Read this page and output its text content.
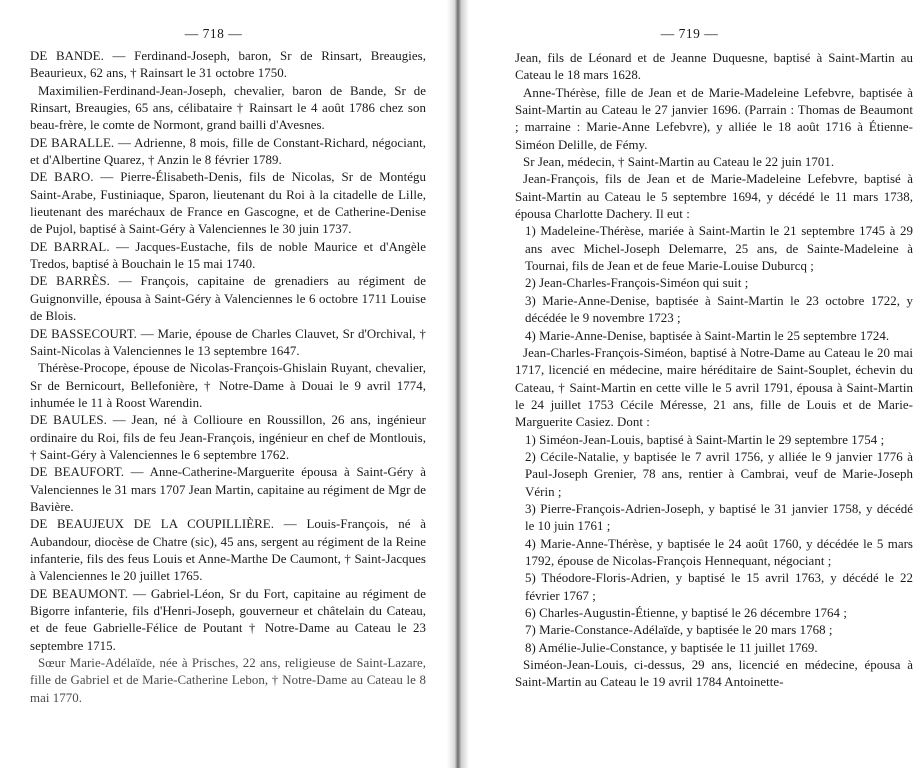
— 718 —

DE BANDE. — Ferdinand-Joseph, baron, Sr de Rinsart, Breaugies, Beaurieux, 62 ans, † Rainsart le 31 octobre 1750.

Maximilien-Ferdinand-Jean-Joseph, chevalier, baron de Bande, Sr de Rinsart, Breaugies, 65 ans, célibataire † Rainsart le 4 août 1786 chez son beau-frère, le comte de Normont, grand bailli d'Avesnes.

DE BARALLE. — Adrienne, 8 mois, fille de Constant-Richard, négociant, et d'Albertine Quarez, † Anzin le 8 février 1789.

DE BARO. — Pierre-Élisabeth-Denis, fils de Nicolas, Sr de Montégu Saint-Arabe, Fustiniaque, Sparon, lieutenant du Roi à la citadelle de Lille, lieutenant des maréchaux de France en Gascogne, et de Catherine-Denise de Pujol, baptisé à Saint-Géry à Valenciennes le 30 juin 1737.

DE BARRAL. — Jacques-Eustache, fils de noble Maurice et d'Angèle Tredos, baptisé à Bouchain le 15 mai 1740.

DE BARRÈS. — François, capitaine de grenadiers au régiment de Guignonville, épousa à Saint-Géry à Valenciennes le 6 octobre 1711 Louise de Blois.

DE BASSECOURT. — Marie, épouse de Charles Clauvet, Sr d'Orchival, † Saint-Nicolas à Valenciennes le 13 septembre 1647.

Thérèse-Procope, épouse de Nicolas-François-Ghislain Ruyant, chevalier, Sr de Bernicourt, Bellefonière, † Notre-Dame à Douai le 9 avril 1774, inhumée le 11 à Roost Warendin.

DE BAULES. — Jean, né à Collioure en Roussillon, 26 ans, ingénieur ordinaire du Roi, fils de feu Jean-François, ingénieur en chef de Montlouis, † Saint-Géry à Valenciennes le 6 septembre 1762.

DE BEAUFORT. — Anne-Catherine-Marguerite épousa à Saint-Géry à Valenciennes le 31 mars 1707 Jean Martin, capitaine au régiment de Mgr de Bavière.

DE BEAUJEUX DE LA COUPILLIÈRE. — Louis-François, né à Aubandour, diocèse de Chatre (sic), 45 ans, sergent au régiment de la Reine infanterie, fils des feus Louis et Anne-Marthe De Caumont, † Saint-Jacques à Valenciennes le 20 juillet 1765.

DE BEAUMONT. — Gabriel-Léon, Sr du Fort, capitaine au régiment de Bigorre infanterie, fils d'Henri-Joseph, gouverneur et châtelain du Cateau, et de feue Gabrielle-Félice de Poutant † Notre-Dame au Cateau le 23 septembre 1715.

Sœur Marie-Adélaïde, née à Prisches, 22 ans, religieuse de Saint-Lazare, fille de Gabriel et de Marie-Catherine Lebon, † Notre-Dame au Cateau le 8 mai 1770.

— 719 —

Jean, fils de Léonard et de Jeanne Duquesne, baptisé à Saint-Martin au Cateau le 18 mars 1628.

Anne-Thérèse, fille de Jean et de Marie-Madeleine Lefebvre, baptisée à Saint-Martin au Cateau le 27 janvier 1696. (Parrain : Thomas de Beaumont ; marraine : Marie-Anne Lefebvre), y alliée le 18 août 1716 à Étienne-Siméon Delille, de Fémy.

Sr Jean, médecin, † Saint-Martin au Cateau le 22 juin 1701.

Jean-François, fils de Jean et de Marie-Madeleine Lefebvre, baptisé à Saint-Martin au Cateau le 5 septembre 1694, y décédé le 11 mars 1738, épousa Charlotte Dachery. Il eut :

1) Madeleine-Thérèse, mariée à Saint-Martin le 21 septembre 1745 à 29 ans avec Michel-Joseph Delemarre, 25 ans, de Sainte-Madeleine à Tournai, fils de Jean et de feue Marie-Louise Duburcq ;

2) Jean-Charles-François-Siméon qui suit ;

3) Marie-Anne-Denise, baptisée à Saint-Martin le 23 octobre 1722, y décédée le 9 novembre 1723 ;

4) Marie-Anne-Denise, baptisée à Saint-Martin le 25 septembre 1724.

Jean-Charles-François-Siméon, baptisé à Notre-Dame au Cateau le 20 mai 1717, licencié en médecine, maire héréditaire de Saint-Souplet, échevin du Cateau, † Saint-Martin en cette ville le 5 avril 1791, épousa à Saint-Martin le 24 juillet 1753 Cécile Méresse, 21 ans, fille de Louis et de Marie-Marguerite Casiez. Dont :

1) Siméon-Jean-Louis, baptisé à Saint-Martin le 29 septembre 1754 ;

2) Cécile-Natalie, y baptisée le 7 avril 1756, y alliée le 9 janvier 1776 à Paul-Joseph Grenier, 78 ans, rentier à Cambrai, veuf de Marie-Joseph Vérin ;

3) Pierre-François-Adrien-Joseph, y baptisé le 31 janvier 1758, y décédé le 10 juin 1761 ;

4) Marie-Anne-Thérèse, y baptisée le 24 août 1760, y décédée le 5 mars 1792, épouse de Nicolas-François Hennequant, négociant ;

5) Théodore-Floris-Adrien, y baptisé le 15 avril 1763, y décédé le 22 février 1767 ;

6) Charles-Augustin-Étienne, y baptisé le 26 décembre 1764 ;

7) Marie-Constance-Adélaïde, y baptisée le 20 mars 1768 ;

8) Amélie-Julie-Constance, y baptisée le 11 juillet 1769.

Siméon-Jean-Louis, ci-dessus, 29 ans, licencié en médecine, épousa à Saint-Martin au Cateau le 19 avril 1784 Antoinette-
